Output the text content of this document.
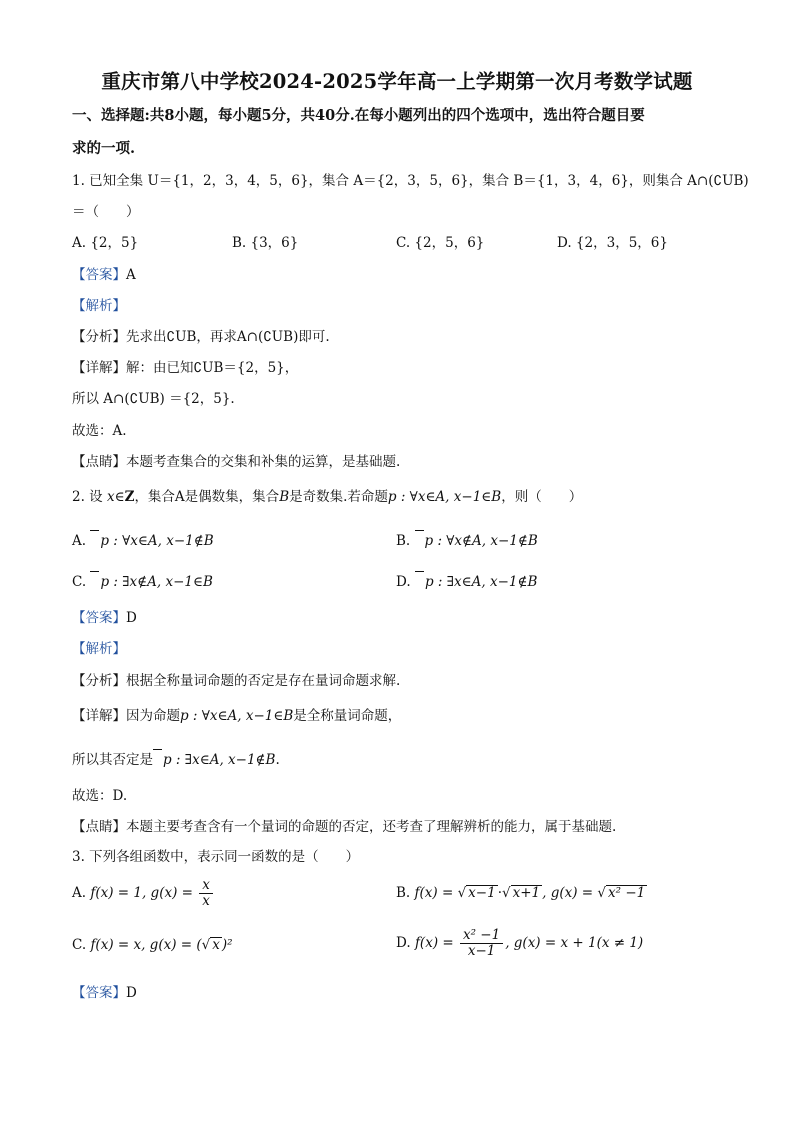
重庆市第八中学校2024-2025学年高一上学期第一次月考数学试题
一、选择题:共8小题，每小题5分，共40分.在每小题列出的四个选项中，选出符合题目要
求的一项.
1. 已知全集 U＝{1，2，3，4，5，6}，集合 A＝{2，3，5，6}，集合 B＝{1，3，4，6}，则集合 A∩(∁UB)
＝（　　）
A. {2，5}	B. {3，6}	C. {2，5，6}	D. {2，3，5，6}
【答案】A
【解析】
【分析】先求出∁UB，再求A∩(∁UB)即可.
【详解】解：由已知∁UB＝{2，5}，
所以 A∩(∁UB) ＝{2，5}.
故选：A.
【点睛】本题考查集合的交集和补集的运算，是基础题.
2. 设 x∈Z，集合A是偶数集，集合B是奇数集.若命题p : ∀x∈A, x−1∈B，则（　　）
A. p : ∀x∈A, x−1∉B	B. p : ∀x∉A, x−1∉B
C. p : ∃x∉A, x−1∈B	D. p : ∃x∈A, x−1∉B
【答案】D
【解析】
【分析】根据全称量词命题的否定是存在量词命题求解.
【详解】因为命题p : ∀x∈A, x−1∈B是全称量词命题，
所以其否定是 p : ∃x∈A, x−1∉B.
故选：D.
【点睛】本题主要考查含有一个量词的命题的否定，还考查了理解辨析的能力，属于基础题.
3. 下列各组函数中，表示同一函数的是（　　）
A. f(x) = 1, $g(x) = \frac{x}{x}$	B. f(x) = √ x−1 ·√ x+1 , g(x) = √ x² −1
C. f(x) = x, g(x) = (√ x )²	D. $f(x) = \frac{\text{x² −1}}{x-1}$ , g(x) = x + 1(x ≠ 1)
【答案】D
